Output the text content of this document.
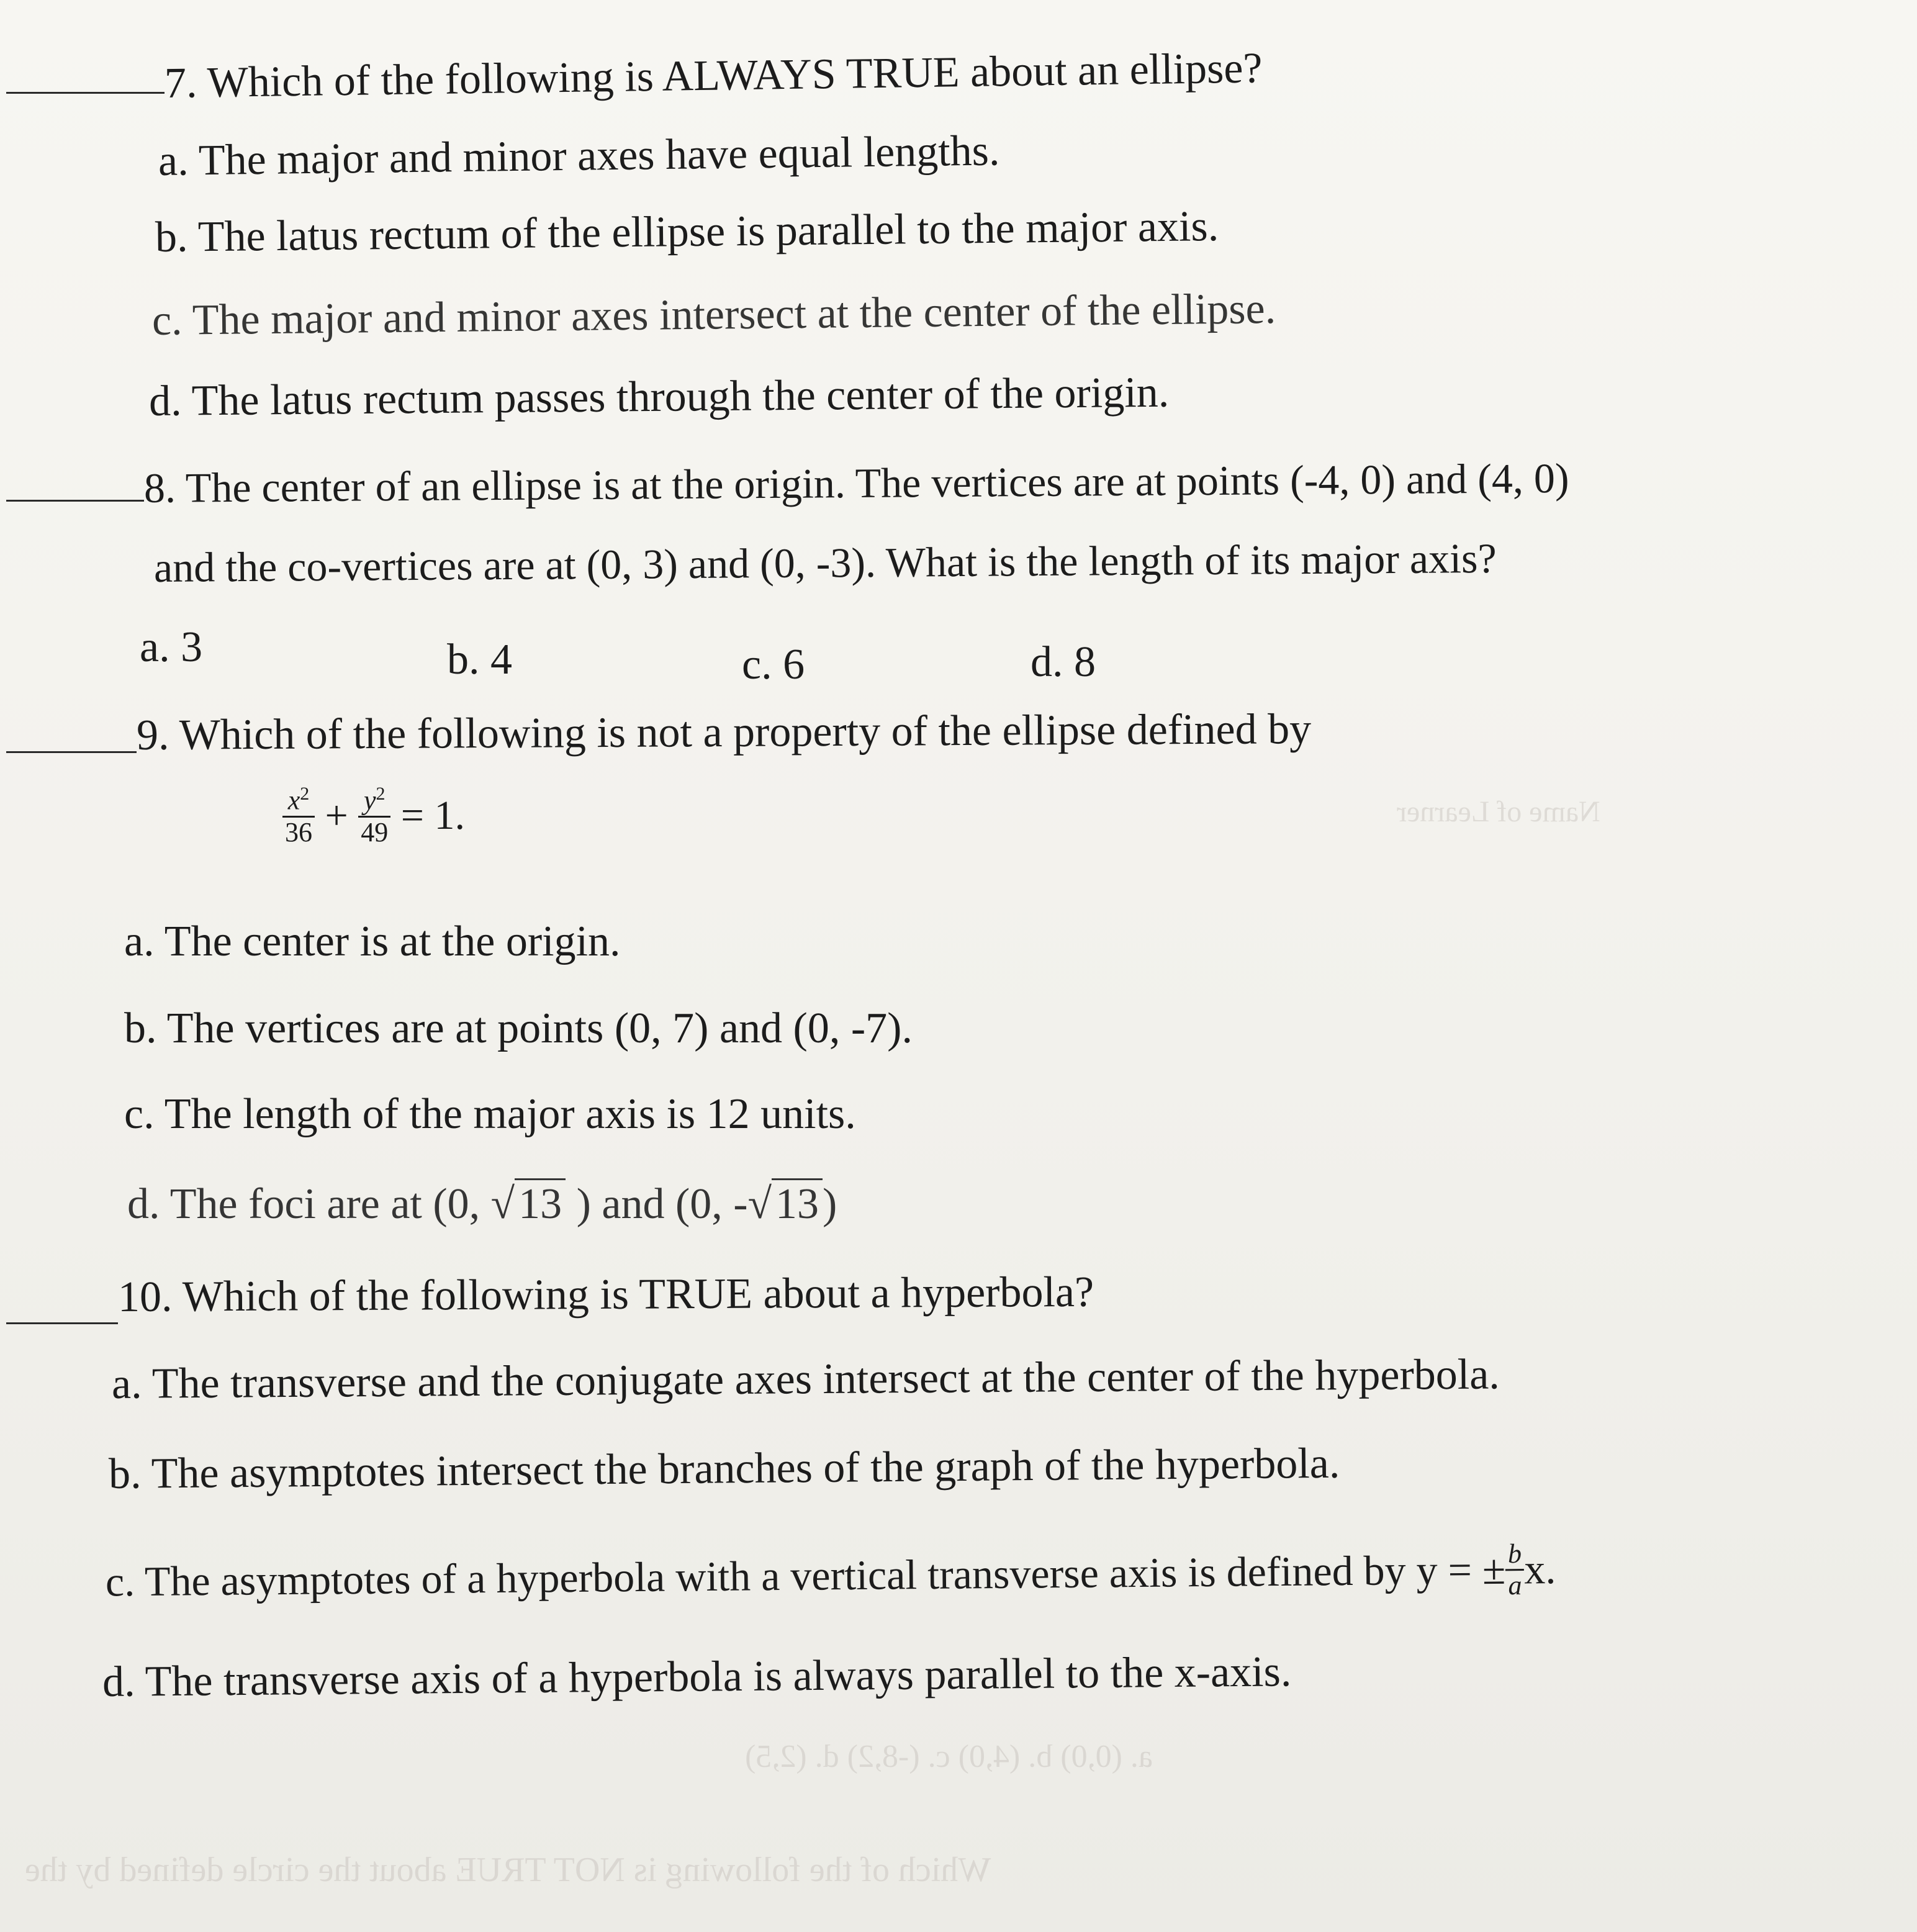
Which of the following is NOT TRUE about the circle defined by the
a. (0,0) b. (4,0) c. (-8,2) d. (2,5)
Name of Learner
7. Which of the following is ALWAYS TRUE about an ellipse?
a. The major and minor axes have equal lengths.
b. The latus rectum of the ellipse is parallel to the major axis.
c. The major and minor axes intersect at the center of the ellipse.
d. The latus rectum passes through the center of the origin.
8. The center of an ellipse is at the origin. The vertices are at points (-4, 0) and (4, 0)
and the co-vertices are at (0, 3) and (0, -3). What is the length of its major axis?
a. 3	b. 4	c. 6	d. 8
9. Which of the following is not a property of the ellipse defined by
$\frac{x^2}{36} + \frac{y^2}{49} = 1$.
a. The center is at the origin.
b. The vertices are at points (0, 7) and (0, -7).
c. The length of the major axis is 12 units.
d. The foci are at (0, √13 ) and (0, -√13)
10. Which of the following is TRUE about a hyperbola?
a. The transverse and the conjugate axes intersect at the center of the hyperbola.
b. The asymptotes intersect the branches of the graph of the hyperbola.
c. The asymptotes of a hyperbola with a vertical transverse axis is defined by y = ± $\frac{b}{a} x$.
d. The transverse axis of a hyperbola is always parallel to the x-axis.
